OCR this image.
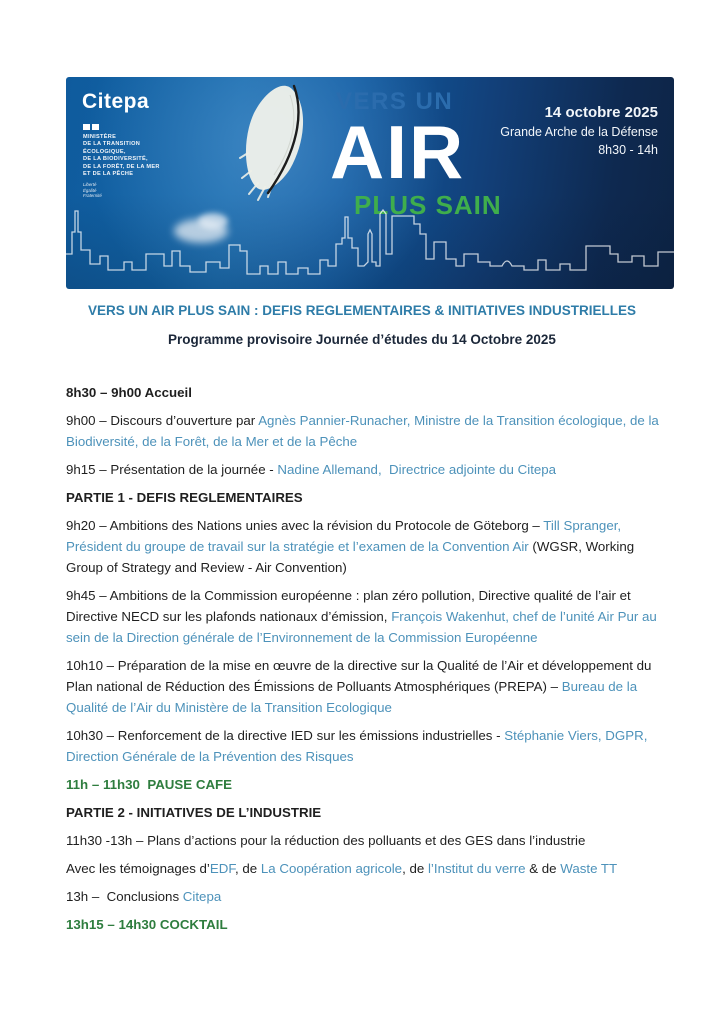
Citepa
MINISTÈRE
DE LA TRANSITION
ÉCOLOGIQUE,
DE LA BIODIVERSITÉ,
DE LA FORÊT, DE LA MER
ET DE LA PÊCHE
Liberté
Égalité
Fraternité
VERS UN
AIR
PLUS SAIN
14 octobre 2025
Grande Arche de la Défense
8h30 - 14h
VERS UN AIR PLUS SAIN : DEFIS REGLEMENTAIRES & INITIATIVES INDUSTRIELLES
Programme provisoire Journée d’études du 14 Octobre 2025

8h30 – 9h00 Accueil

9h00 – Discours d’ouverture par Agnès Pannier-Runacher, Ministre de la Transition écologique, de la Biodiversité, de la Forêt, de la Mer et de la Pêche

9h15 – Présentation de la journée - Nadine Allemand,  Directrice adjointe du Citepa

PARTIE 1 - DEFIS REGLEMENTAIRES

9h20 – Ambitions des Nations unies avec la révision du Protocole de Göteborg – Till Spranger, Président du groupe de travail sur la stratégie et l’examen de la Convention Air (WGSR, Working Group of Strategy and Review - Air Convention)

9h45 – Ambitions de la Commission européenne : plan zéro pollution, Directive qualité de l’air et Directive NECD sur les plafonds nationaux d’émission, François Wakenhut, chef de l’unité Air Pur au sein de la Direction générale de l’Environnement de la Commission Européenne

10h10 – Préparation de la mise en œuvre de la directive sur la Qualité de l’Air et développement du Plan national de Réduction des Émissions de Polluants Atmosphériques (PREPA) – Bureau de la Qualité de l’Air du Ministère de la Transition Ecologique

10h30 – Renforcement de la directive IED sur les émissions industrielles - Stéphanie Viers, DGPR, Direction Générale de la Prévention des Risques

11h – 11h30  PAUSE CAFE

PARTIE 2 - INITIATIVES DE L’INDUSTRIE

11h30 -13h – Plans d’actions pour la réduction des polluants et des GES dans l’industrie

Avec les témoignages d’EDF, de La Coopération agricole, de l’Institut du verre & de Waste TT

13h –  Conclusions Citepa

13h15 – 14h30 COCKTAIL
